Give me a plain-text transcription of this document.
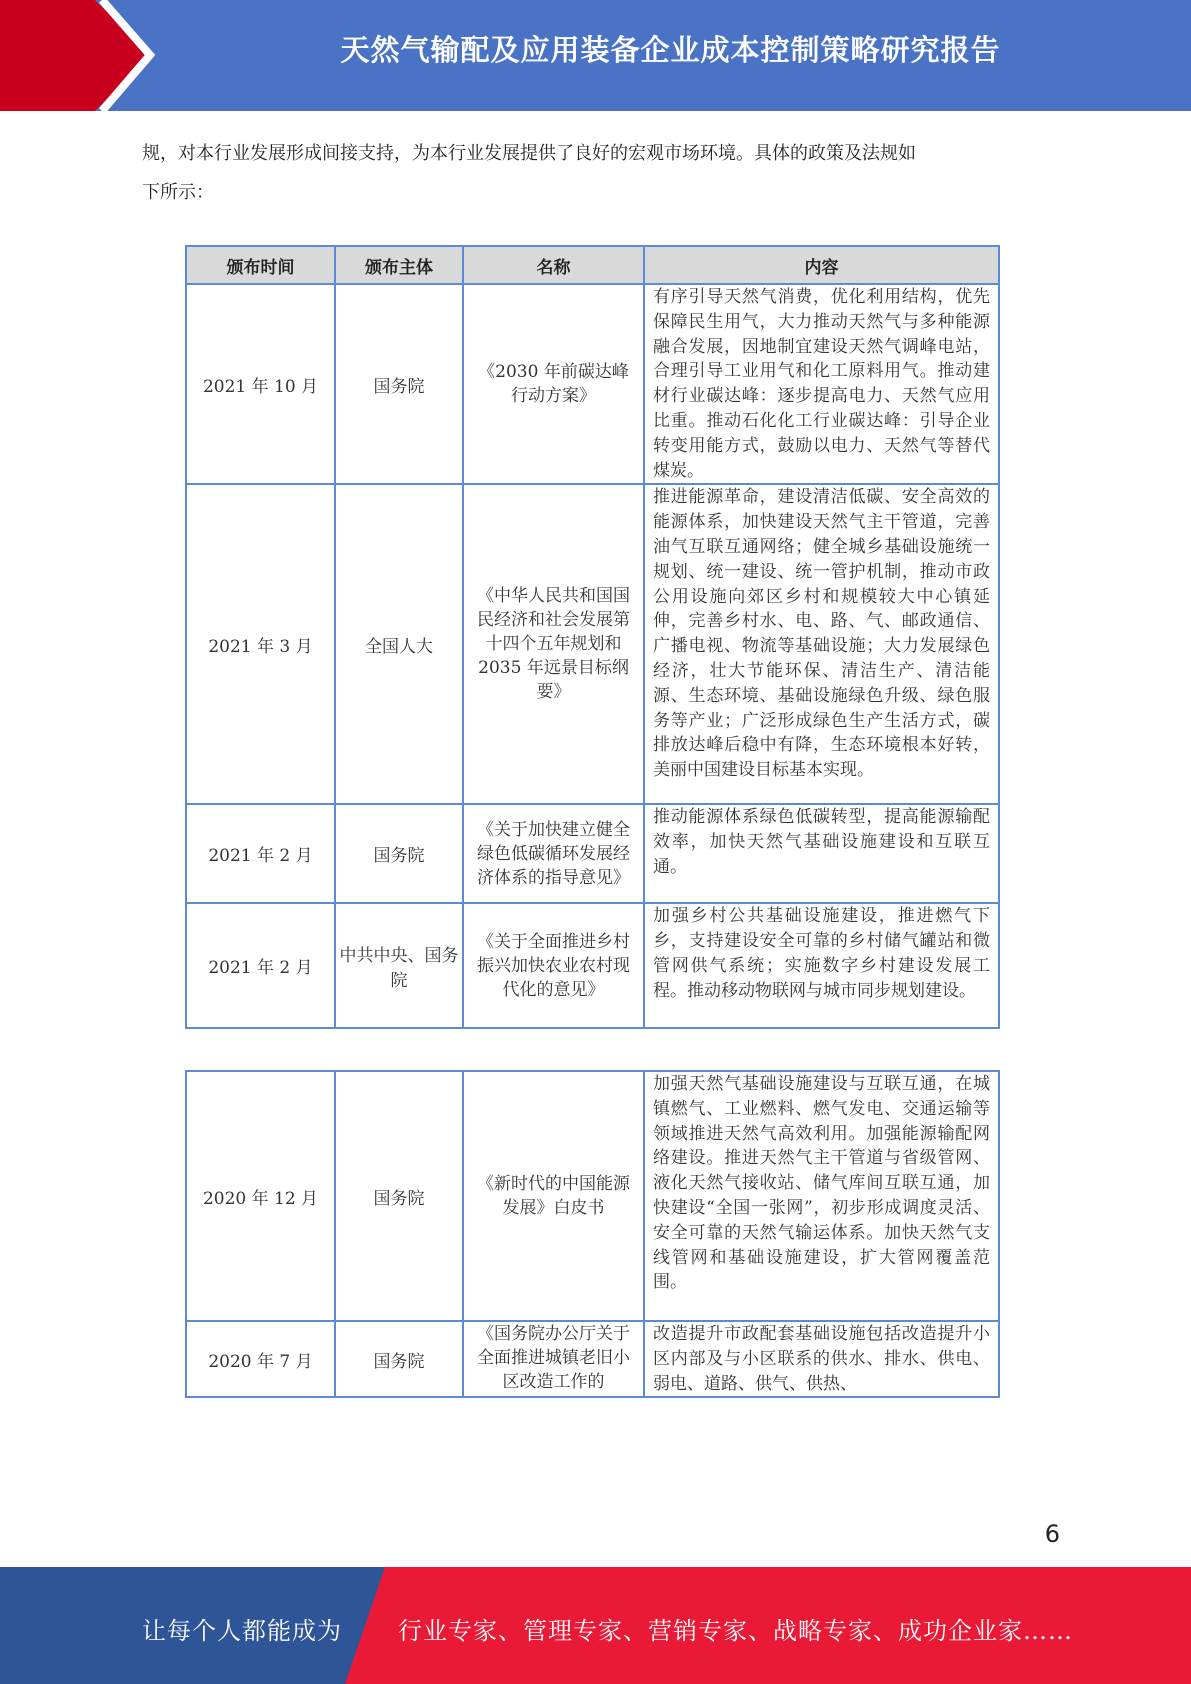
天然气输配及应用装备企业成本控制策略研究报告
规，对本行业发展形成间接支持，为本行业发展提供了良好的宏观市场环境。具体的政策及法规如
下所示：
颁布时间	颁布主体	名称	内容
2021 年 10 月	国务院	《2030 年前碳达峰行动方案》	有序引导天然气消费，优化利用结构，优先保障民生用气，大力推动天然气与多种能源融合发展，因地制宜建设天然气调峰电站，合理引导工业用气和化工原料用气。推动建材行业碳达峰：逐步提高电力、天然气应用比重。推动石化化工行业碳达峰：引导企业转变用能方式，鼓励以电力、天然气等替代煤炭。
2021 年 3 月	全国人大	《中华人民共和国国民经济和社会发展第十四个五年规划和 2035 年远景目标纲要》	推进能源革命，建设清洁低碳、安全高效的能源体系，加快建设天然气主干管道，完善油气互联互通网络；健全城乡基础设施统一规划、统一建设、统一管护机制，推动市政公用设施向郊区乡村和规模较大中心镇延伸，完善乡村水、电、路、气、邮政通信、广播电视、物流等基础设施；大力发展绿色经济，壮大节能环保、清洁生产、清洁能源、生态环境、基础设施绿色升级、绿色服务等产业；广泛形成绿色生产生活方式，碳排放达峰后稳中有降，生态环境根本好转，美丽中国建设目标基本实现。
2021 年 2 月	国务院	《关于加快建立健全绿色低碳循环发展经济体系的指导意见》	推动能源体系绿色低碳转型，提高能源输配效率，加快天然气基础设施建设和互联互通。
2021 年 2 月	中共中央、国务院	《关于全面推进乡村振兴加快农业农村现代化的意见》	加强乡村公共基础设施建设，推进燃气下乡，支持建设安全可靠的乡村储气罐站和微管网供气系统；实施数字乡村建设发展工程。推动移动物联网与城市同步规划建设。
2020 年 12 月	国务院	《新时代的中国能源发展》白皮书	加强天然气基础设施建设与互联互通，在城镇燃气、工业燃料、燃气发电、交通运输等领域推进天然气高效利用。加强能源输配网络建设。推进天然气主干管道与省级管网、液化天然气接收站、储气库间互联互通，加快建设“全国一张网”，初步形成调度灵活、安全可靠的天然气输运体系。加快天然气支线管网和基础设施建设，扩大管网覆盖范围。
2020 年 7 月	国务院	《国务院办公厅关于全面推进城镇老旧小区改造工作的	改造提升市政配套基础设施包括改造提升小区内部及与小区联系的供水、排水、供电、弱电、道路、供气、供热、
6
让每个人都能成为 行业专家、管理专家、营销专家、战略专家、成功企业家……
